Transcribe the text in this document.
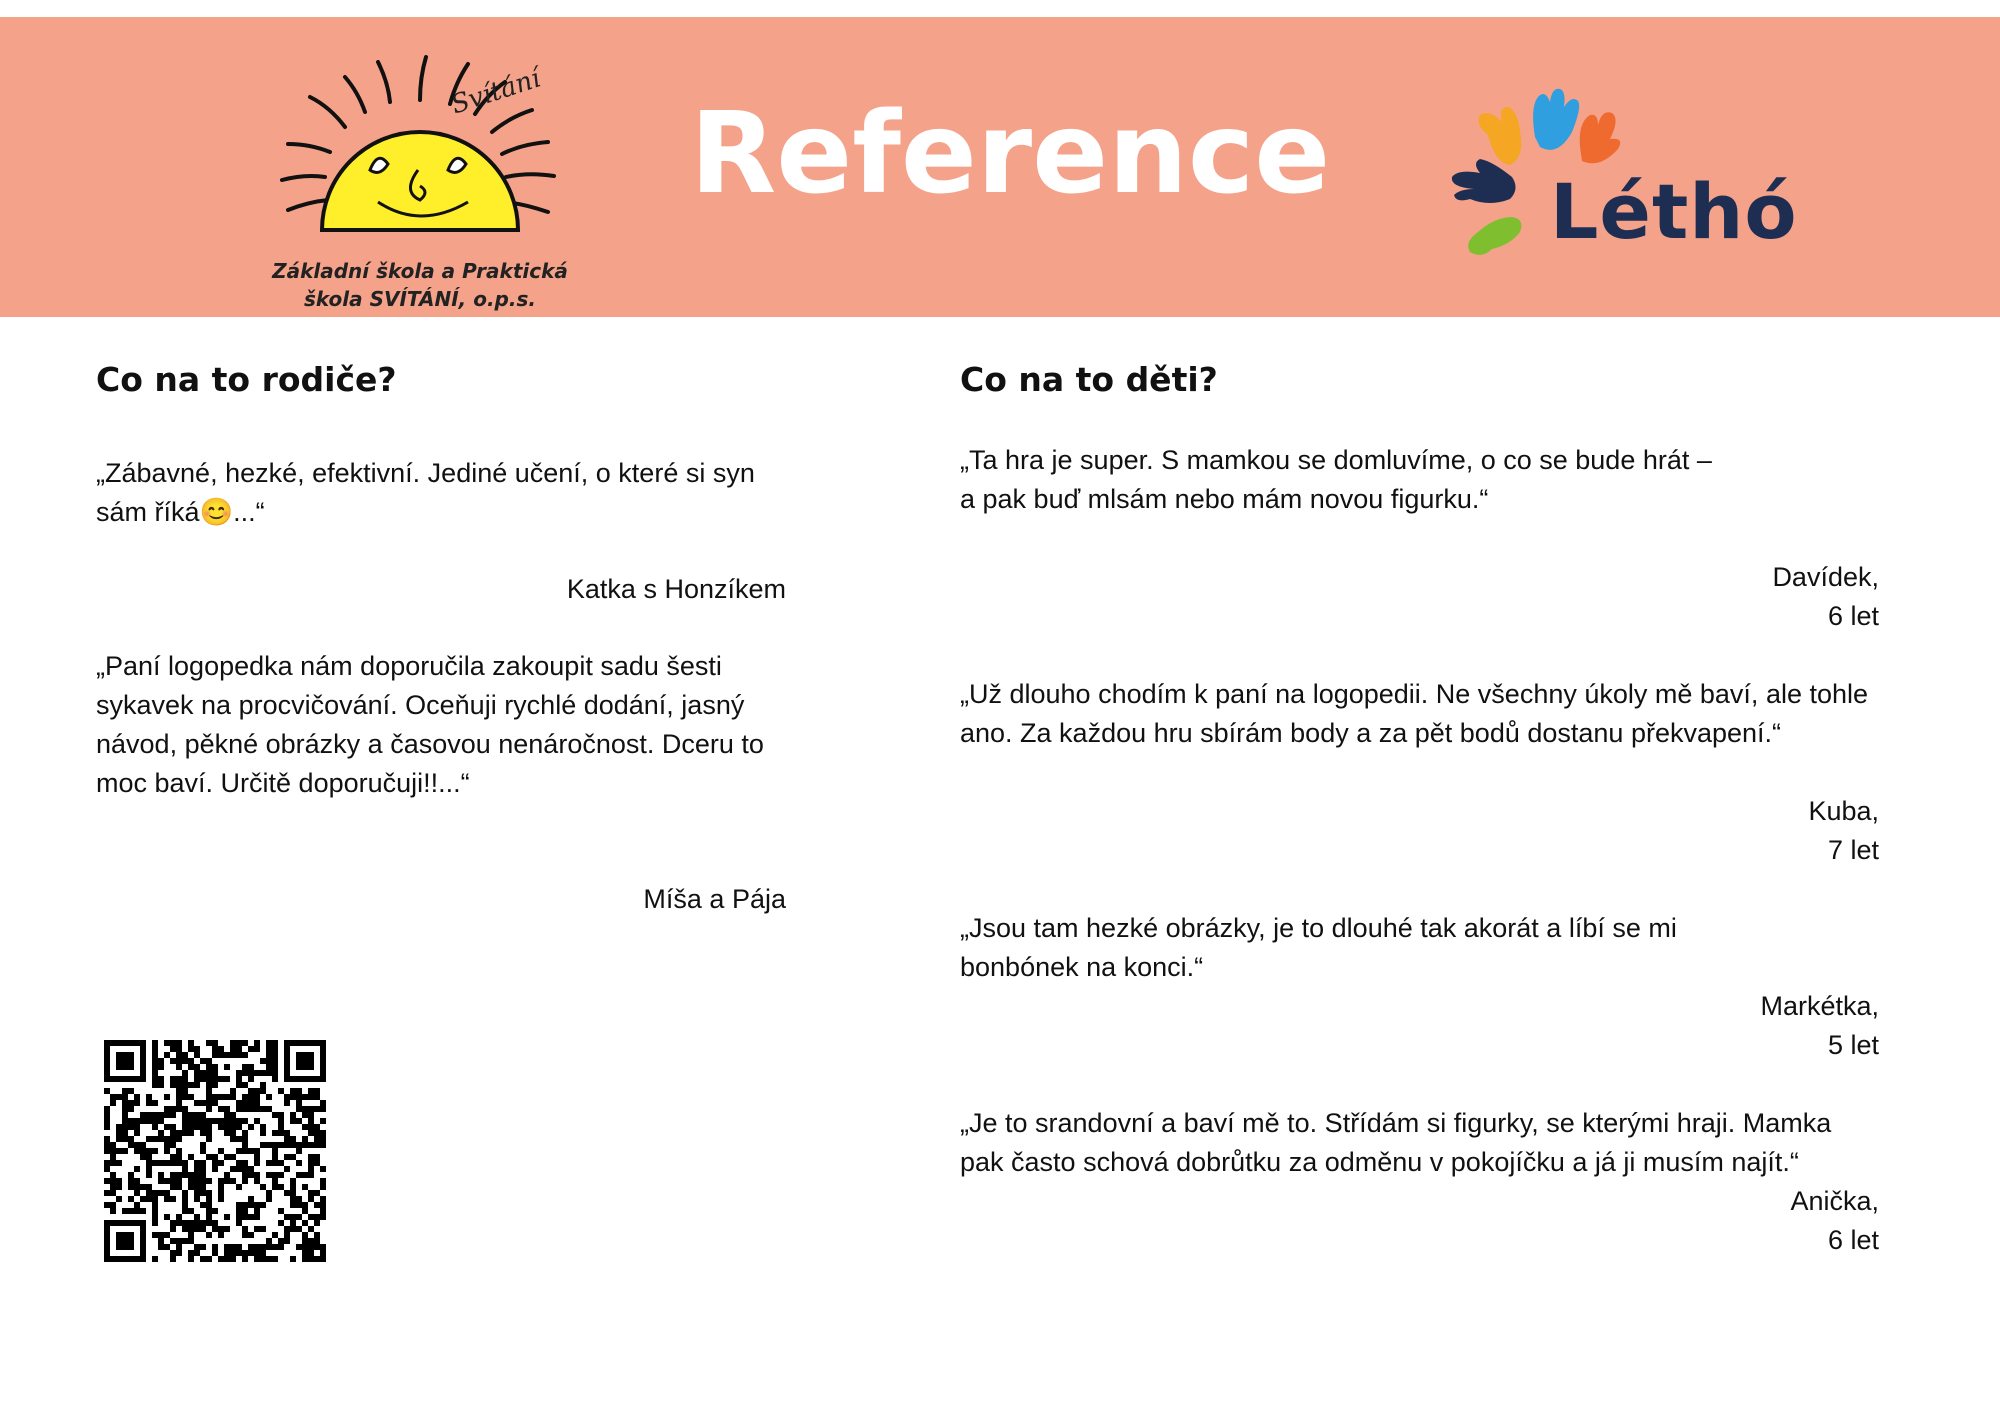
Svítání
Základní škola a Praktická
škola SVÍTÁNÍ, o.p.s.
Reference	Léthó
Co na to rodiče?

„Zábavné, hezké, efektivní. Jediné učení, o které si syn sám říká😊...“

Katka s Honzíkem

„Paní logopedka nám doporučila zakoupit sadu šesti sykavek na procvičování. Oceňuji rychlé dodání, jasný návod, pěkné obrázky a časovou nenáročnost. Dceru to moc baví. Určitě doporučuji!!...“

Míša a Pája

Co na to děti?

„Ta hra je super. S mamkou se domluvíme, o co se bude hrát – a pak buď mlsám nebo mám novou figurku.“

Davídek,
6 let

„Už dlouho chodím k paní na logopedii. Ne všechny úkoly mě baví, ale tohle ano. Za každou hru sbírám body a za pět bodů dostanu překvapení.“

Kuba,
7 let

„Jsou tam hezké obrázky, je to dlouhé tak akorát a líbí se mi bonbónek na konci.“

Markétka,
5 let

„Je to srandovní a baví mě to. Střídám si figurky, se kterými hraji. Mamka pak často schová dobrůtku za odměnu v pokojíčku a já ji musím najít.“

Anička,
6 let
